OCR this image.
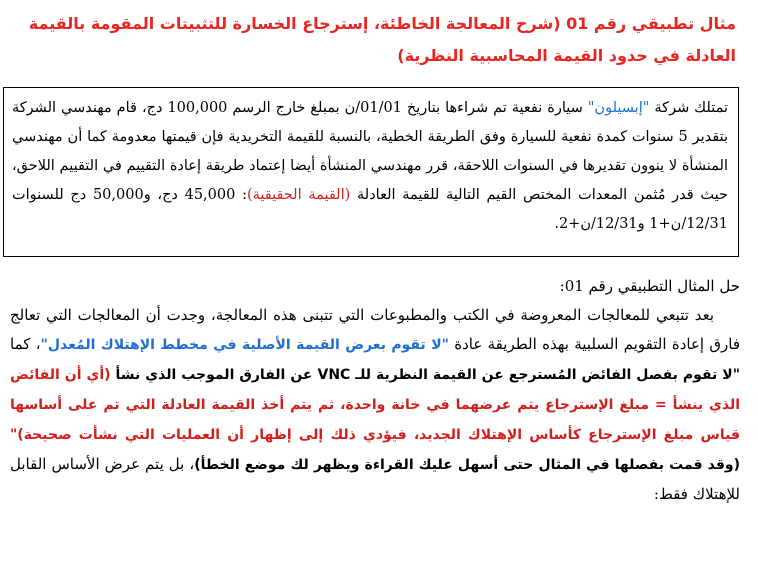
مثال تطبيقي رقم 01 (شرح المعالجة الخاطئة، إسترجاع الخسارة للتثبيتات المقومة بالقيمة العادلة في حدود القيمة المحاسبية النظرية)
تمتلك شركة "إبسيلون" سيارة نفعية تم شراءها بتاريخ 01/01/ن بمبلغ خارج الرسم 100,000 دج، قام مهندسي الشركة بتقدير 5 سنوات كمدة نفعية للسيارة وفق الطريقة الخطية، بالنسبة للقيمة التخريدية فإن قيمتها معدومة كما أن مهندسي المنشأة لا ينوون تقديرها في السنوات اللاحقة، قرر مهندسي المنشأة أيضا إعتماد طريقة إعادة التقييم في التقييم اللاحق، حيث قدر مُثمن المعدات المختص القيم التالية للقيمة العادلة (القيمة الحقيقية): 45,000 دج، و50,000 دج للسنوات 12/31/ن+1 و12/31/ن+2.

حل المثال التطبيقي رقم 01:

بعد تتبعي للمعالجات المعروضة في الكتب والمطبوعات التي تتبنى هذه المعالجة، وجدت أن المعالجات التي تعالج فارق إعادة التقويم السلبية بهذه الطريقة عادة "لا تقوم بعرض القيمة الأصلية في مخطط الإهتلاك المُعدل"، كما "لا تقوم بفصل الفائض المُسترجع عن القيمة النظرية للـ VNC عن الفارق الموجب الذي نشأ (أي أن الفائض الذي ينشأ = مبلغ الإسترجاع يتم عرضهما في خانة واحدة، ثم يتم أخذ القيمة العادلة التي تم على أساسها قياس مبلغ الإسترجاع كأساس الإهتلاك الجديد، فيؤدي ذلك إلى إظهار أن العمليات التي نشأت صحيحة)" (وقد قمت بفصلها في المثال حتى أسهل عليك القراءة ويظهر لك موضع الخطأ)، بل يتم عرض الأساس القابل للإهتلاك فقط:
